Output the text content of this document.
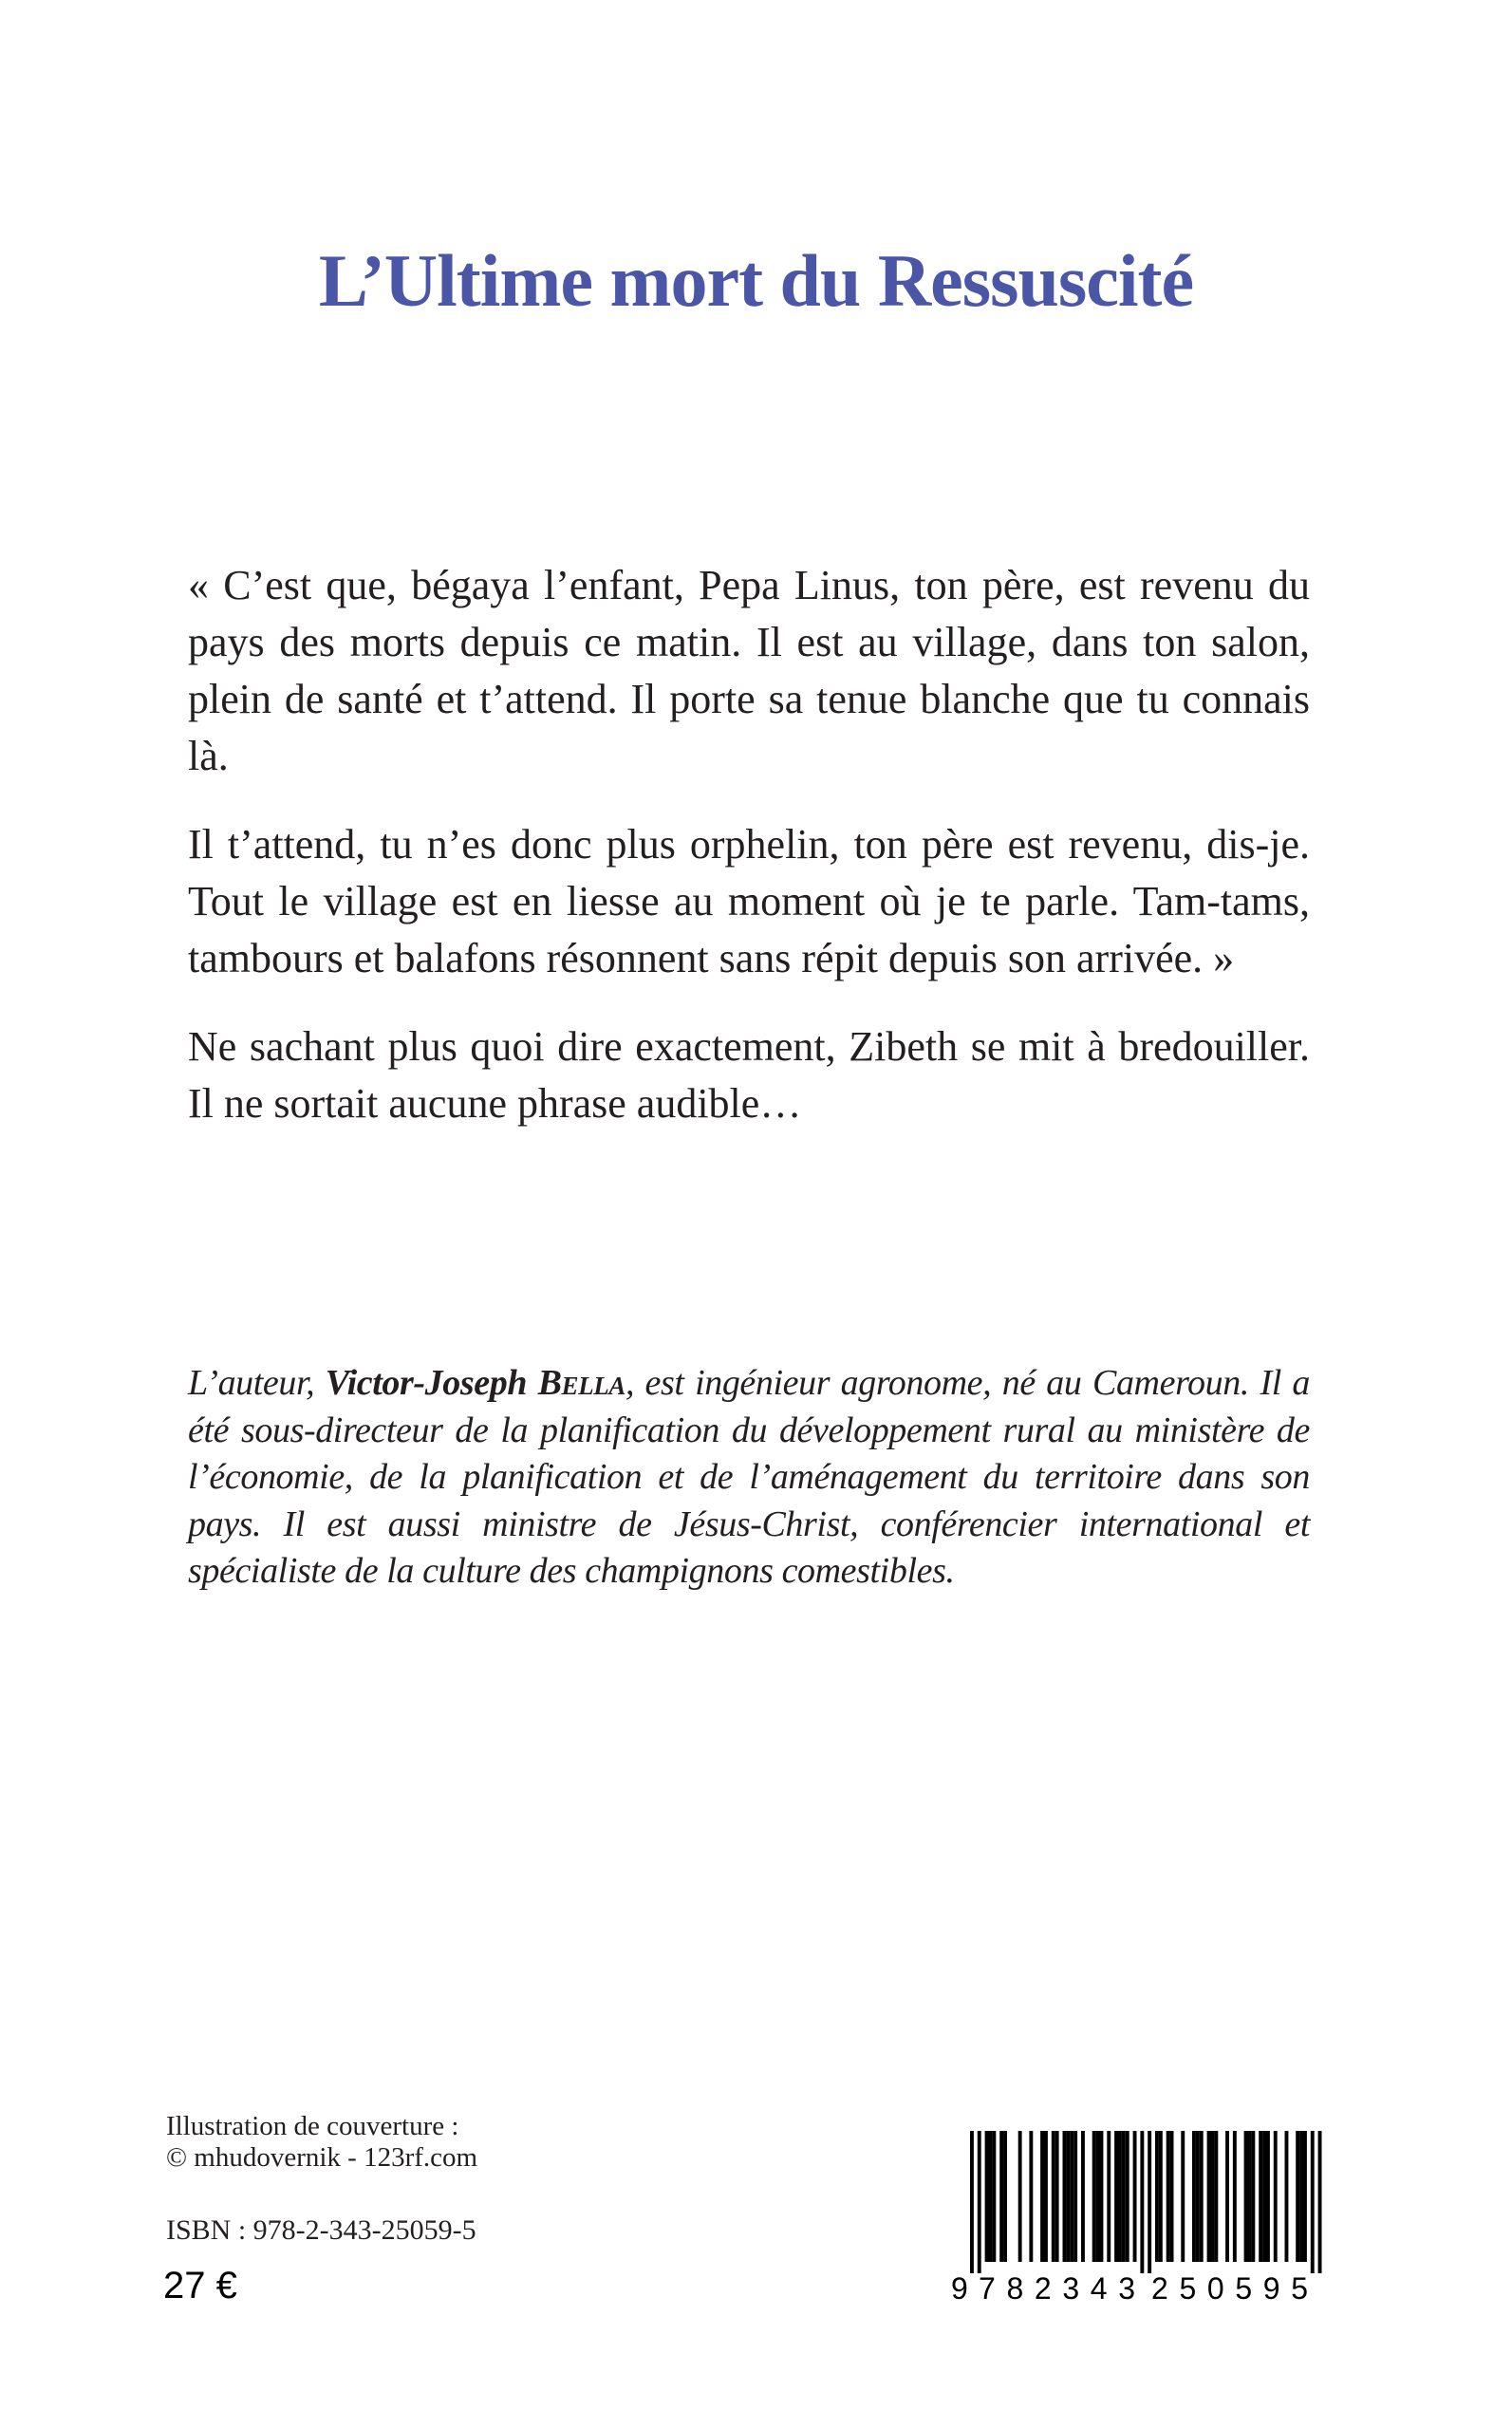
L’Ultime mort du Ressuscité

« C’est que, bégaya l’enfant, Pepa Linus, ton père, est revenu du pays des morts depuis ce matin. Il est au village, dans ton salon, plein de santé et t’attend. Il porte sa tenue blanche que tu connais là.

Il t’attend, tu n’es donc plus orphelin, ton père est revenu, dis-je. Tout le village est en liesse au moment où je te parle. Tam-tams, tambours et balafons résonnent sans répit depuis son arrivée. »

Ne sachant plus quoi dire exactement, Zibeth se mit à bredouiller. Il ne sortait aucune phrase audible…

L’auteur, Victor-Joseph Bella, est ingénieur agronome, né au Cameroun. Il a été sous-directeur de la planification du développement rural au ministère de l’économie, de la planification et de l’aménagement du territoire dans son pays. Il est aussi ministre de Jésus-Christ, conférencier international et spécialiste de la culture des champignons comestibles.
Illustration de couverture :
© mhudovernik - 123rf.com
ISBN : 978-2-343-25059-5
27 €	9 782343 250595
